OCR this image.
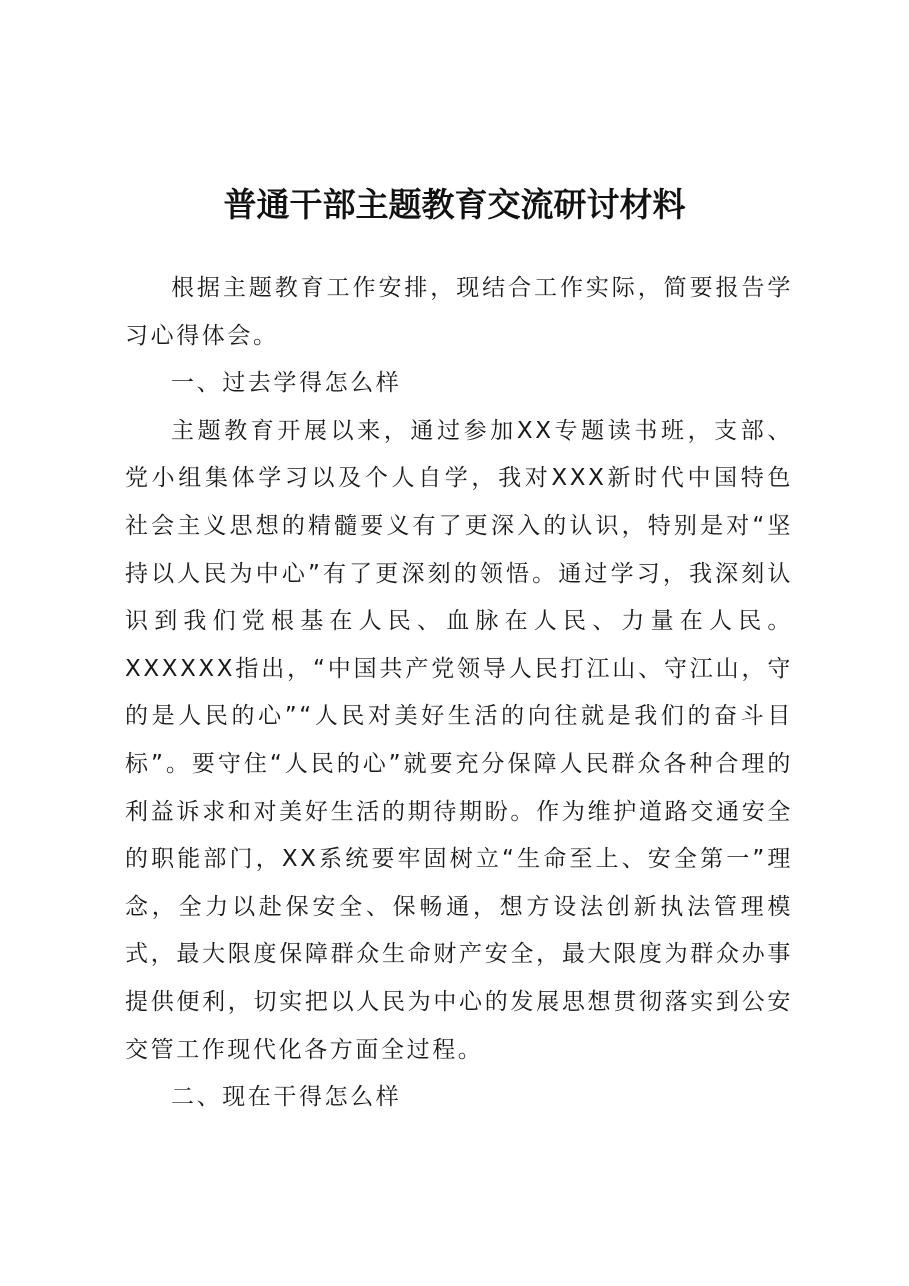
普通干部主题教育交流研讨材料

根据主题教育工作安排，现结合工作实际，简要报告学习心得体会。

一、过去学得怎么样

主题教育开展以来，通过参加XX专题读书班，支部、党小组集体学习以及个人自学，我对XXX新时代中国特色社会主义思想的精髓要义有了更深入的认识，特别是对“坚持以人民为中心”有了更深刻的领悟。通过学习，我深刻认识到我们党根基在人民、血脉在人民、力量在人民。XXXXXX指出，“中国共产党领导人民打江山、守江山，守的是人民的心”“人民对美好生活的向往就是我们的奋斗目标”。要守住“人民的心”就要充分保障人民群众各种合理的利益诉求和对美好生活的期待期盼。作为维护道路交通安全的职能部门，XX系统要牢固树立“生命至上、安全第一”理念，全力以赴保安全、保畅通，想方设法创新执法管理模式，最大限度保障群众生命财产安全，最大限度为群众办事提供便利，切实把以人民为中心的发展思想贯彻落实到公安交管工作现代化各方面全过程。

二、现在干得怎么样
